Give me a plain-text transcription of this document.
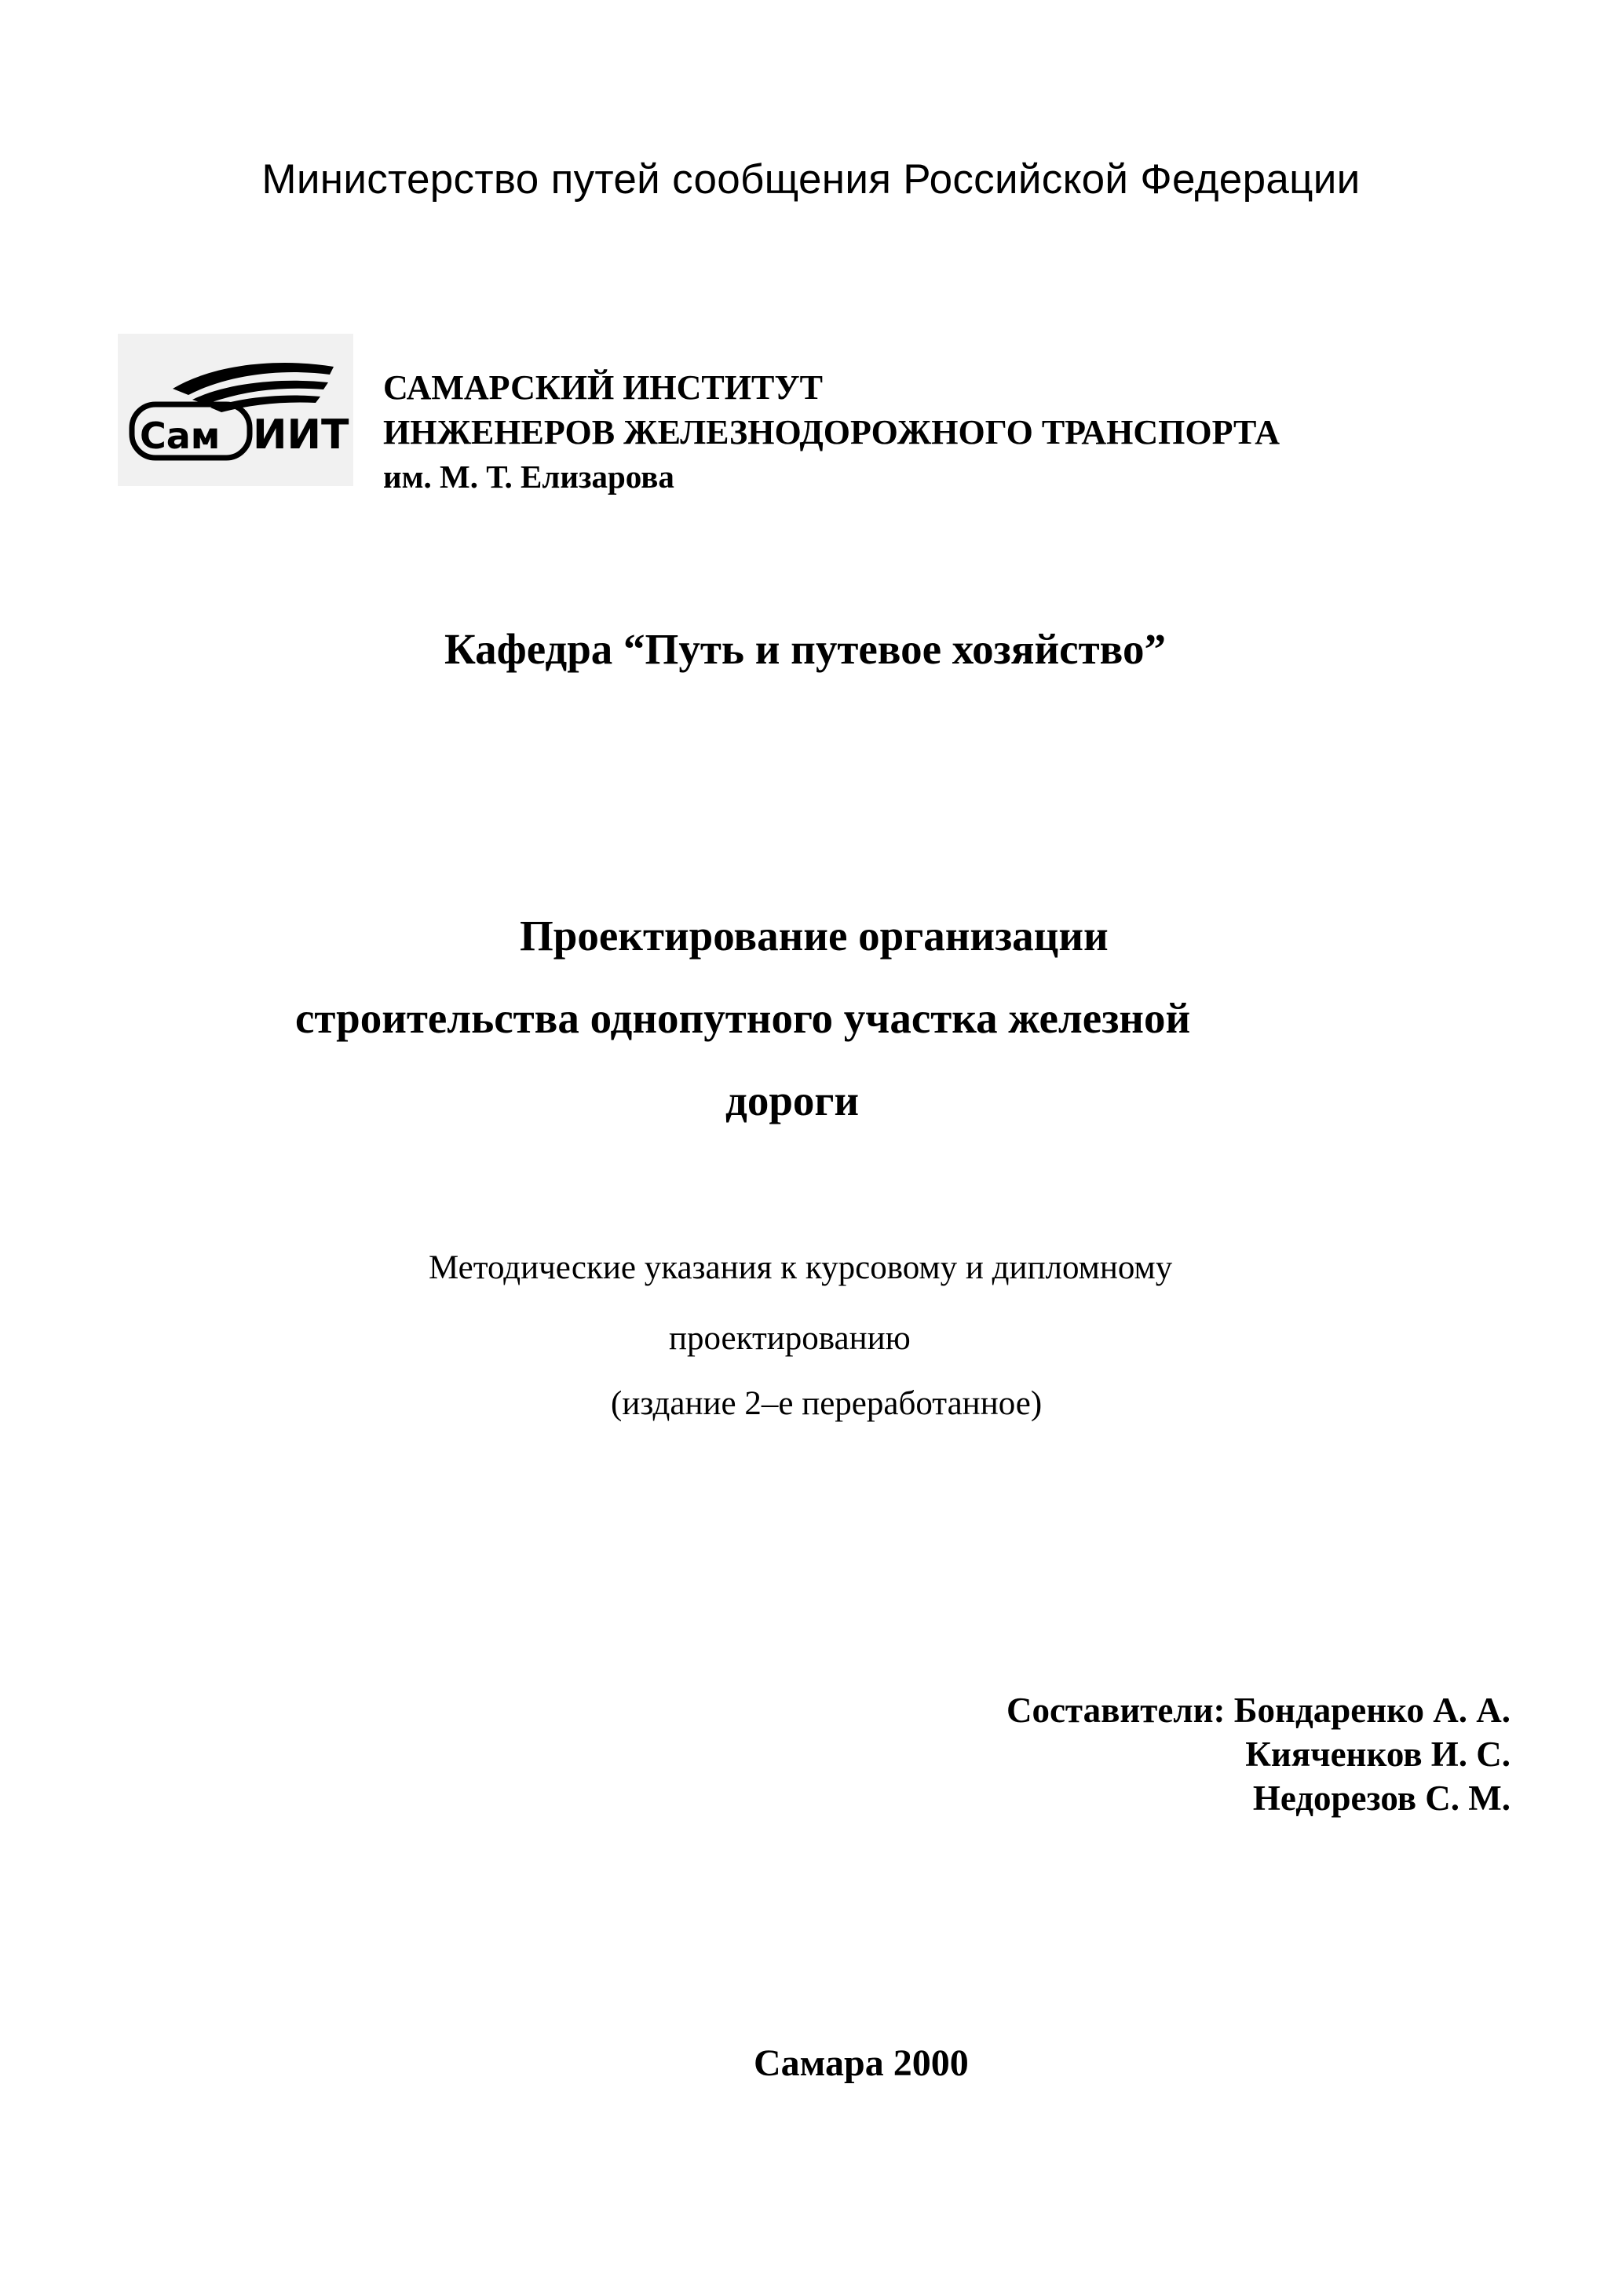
Министерство путей сообщения Российской Федерации
Сам ИИТ
САМАРСКИЙ ИНСТИТУТ
ИНЖЕНЕРОВ ЖЕЛЕЗНОДОРОЖНОГО ТРАНСПОРТА
им. М. Т. Елизарова
Кафедра “Путь и путевое хозяйство”
Проектирование организации
строительства однопутного участка железной
дороги
Методические указания к курсовому и дипломному
проектированию
(издание 2–е переработанное)
Составители: Бондаренко А. А.
Кияченков И. С.
Недорезов С. М.
Самара 2000
